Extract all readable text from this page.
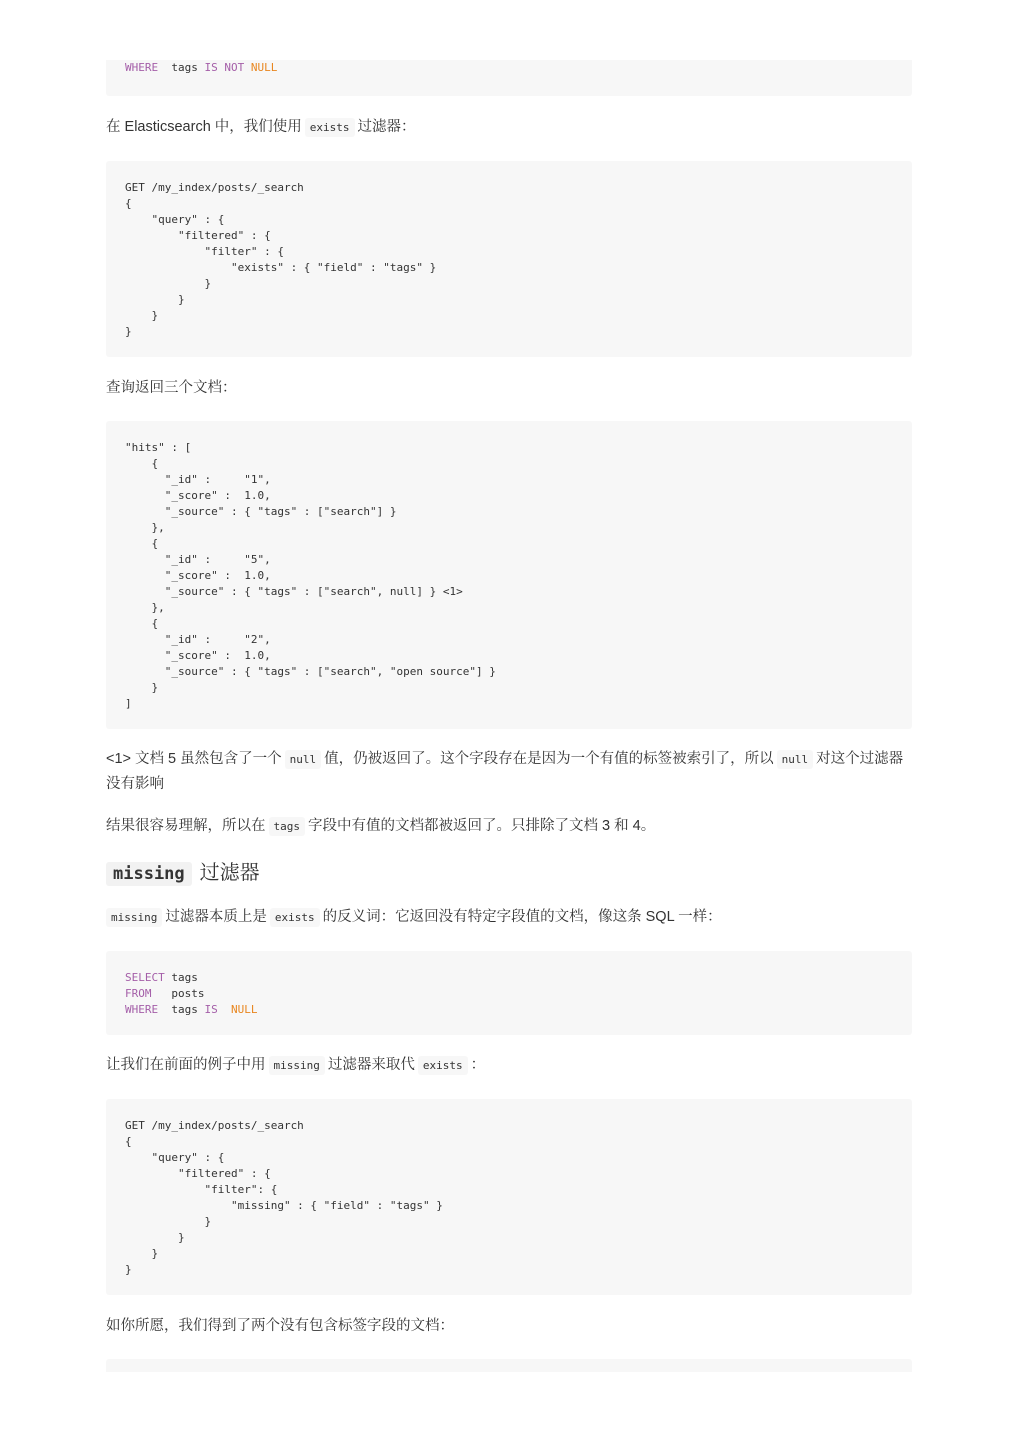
WHERE  tags IS NOT NULL

在 Elasticsearch 中，我们使用 exists 过滤器：

GET /my_index/posts/_search
{
"query" : {
"filtered" : {
"filter" : {
"exists" : { "field" : "tags" }
}
}
}
}

查询返回三个文档：

"hits" : [
{
"_id" :     "1",
"_score" :  1.0,
"_source" : { "tags" : ["search"] }
},
{
"_id" :     "5",
"_score" :  1.0,
"_source" : { "tags" : ["search", null] } <1>
},
{
"_id" :     "2",
"_score" :  1.0,
"_source" : { "tags" : ["search", "open source"] }
}
]

<1> 文档 5 虽然包含了一个 null 值，仍被返回了。这个字段存在是因为一个有值的标签被索引了，所以 null 对这个过滤器没有影响

结果很容易理解，所以在 tags 字段中有值的文档都被返回了。只排除了文档 3 和 4。

missing 过滤器

missing 过滤器本质上是 exists 的反义词：它返回没有特定字段值的文档，像这条 SQL 一样：

SELECT tags
FROM   posts
WHERE  tags IS NULL

让我们在前面的例子中用 missing 过滤器来取代 exists ：

GET /my_index/posts/_search
{
"query" : {
"filtered" : {
"filter": {
"missing" : { "field" : "tags" }
}
}
}
}

如你所愿，我们得到了两个没有包含标签字段的文档：
